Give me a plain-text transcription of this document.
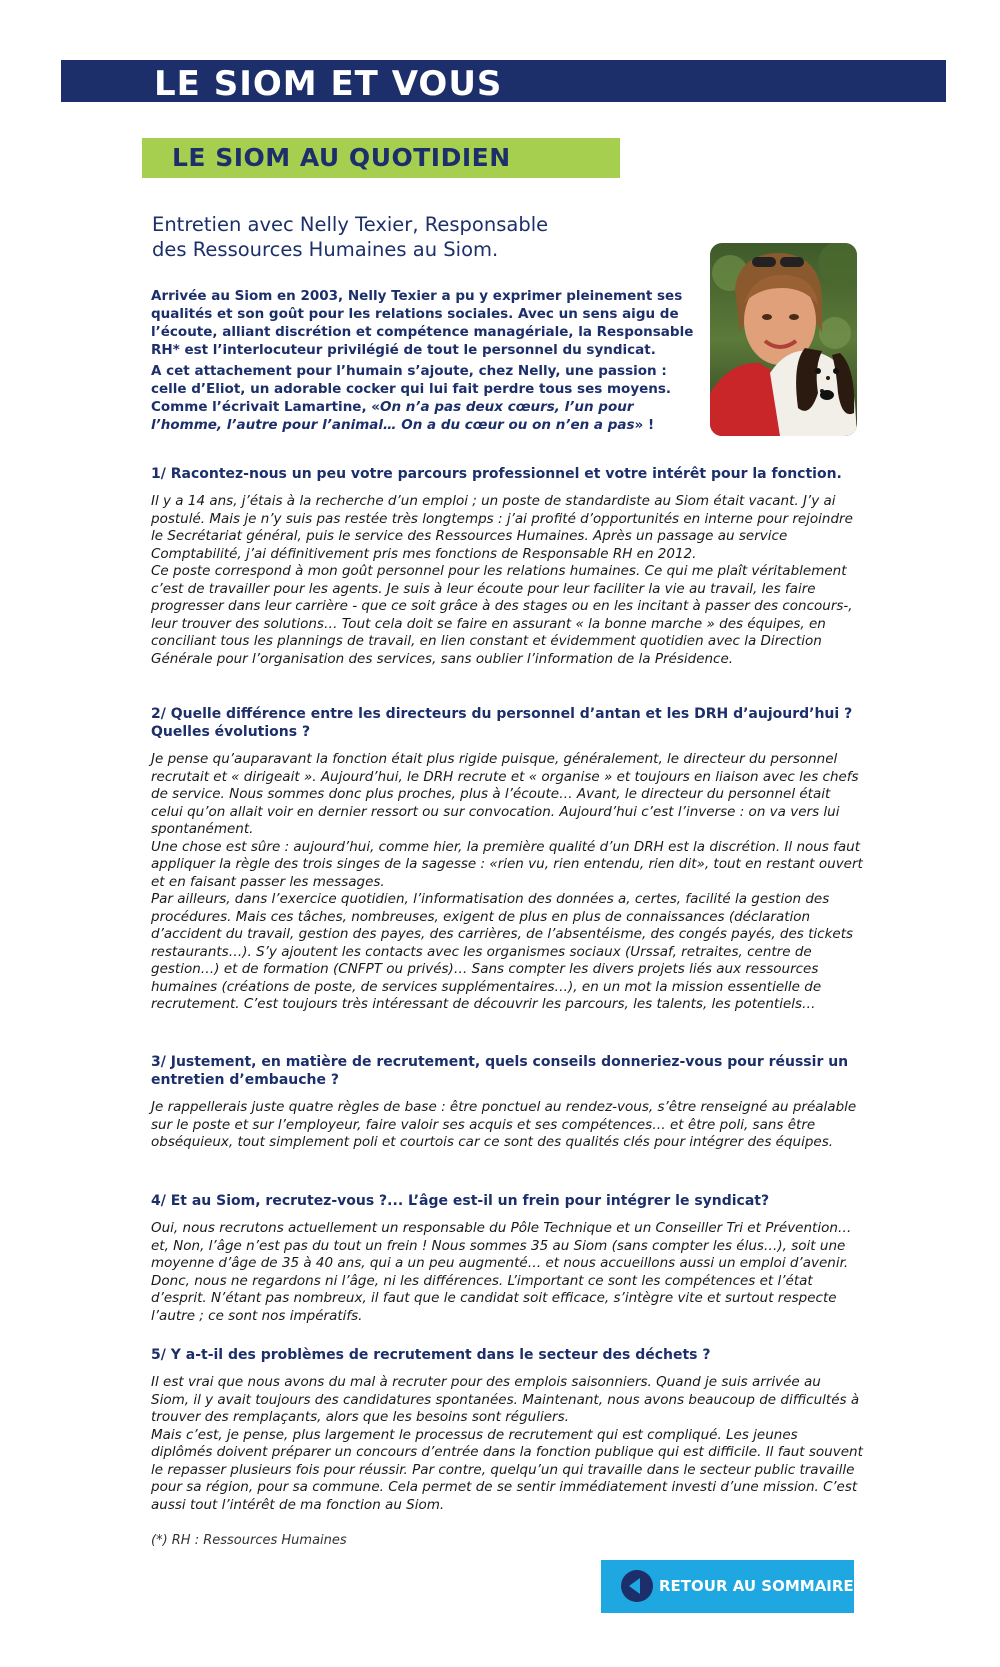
LE SIOM ET VOUS
LE SIOM AU QUOTIDIEN
Entretien avec Nelly Texier, Responsable
des Ressources Humaines au Siom.

Arrivée au Siom en 2003, Nelly Texier a pu y exprimer pleinement ses qualités et son goût pour les relations sociales. Avec un sens aigu de l’écoute, alliant discrétion et compétence managériale, la Responsable RH* est l’interlocuteur privilégié de tout le personnel du syndicat.

A cet attachement pour l’humain s’ajoute, chez Nelly, une passion : celle d’Eliot, un adorable cocker qui lui fait perdre tous ses moyens. Comme l’écrivait Lamartine, «On n’a pas deux cœurs, l’un pour l’homme, l’autre pour l’animal… On a du cœur ou on n’en a pas» !

1/ Racontez-nous un peu votre parcours professionnel et votre intérêt pour la fonction.

Il y a 14 ans, j’étais à la recherche d’un emploi ; un poste de standardiste au Siom était vacant. J’y ai postulé. Mais je n’y suis pas restée très longtemps : j’ai profité d’opportunités en interne pour rejoindre le Secrétariat général, puis le service des Ressources Humaines. Après un passage au service Comptabilité, j’ai définitivement pris mes fonctions de Responsable RH en 2012.
Ce poste correspond à mon goût personnel pour les relations humaines. Ce qui me plaît véritablement c’est de travailler pour les agents. Je suis à leur écoute pour leur faciliter la vie au travail, les faire progresser dans leur carrière - que ce soit grâce à des stages ou en les incitant à passer des concours-, leur trouver des solutions… Tout cela doit se faire en assurant « la bonne marche » des équipes, en conciliant tous les plannings de travail, en lien constant et évidemment quotidien avec la Direction Générale pour l’organisation des services, sans oublier l’information de la Présidence.

2/ Quelle différence entre les directeurs du personnel d’antan et les DRH d’aujourd’hui ? Quelles évolutions ?

Je pense qu’auparavant la fonction était plus rigide puisque, généralement, le directeur du personnel recrutait et « dirigeait ». Aujourd’hui, le DRH recrute et « organise » et toujours en liaison avec les chefs de service. Nous sommes donc plus proches, plus à l’écoute… Avant, le directeur du personnel était celui qu’on allait voir en dernier ressort ou sur convocation. Aujourd’hui c’est l’inverse : on va vers lui spontanément.
Une chose est sûre : aujourd’hui, comme hier, la première qualité d’un DRH est la discrétion. Il nous faut appliquer la règle des trois singes de la sagesse : «rien vu, rien entendu, rien dit», tout en restant ouvert et en faisant passer les messages.
Par ailleurs, dans l’exercice quotidien, l’informatisation des données a, certes, facilité la gestion des procédures. Mais ces tâches, nombreuses, exigent de plus en plus de connaissances (déclaration d’accident du travail, gestion des payes, des carrières, de l’absentéisme, des congés payés, des tickets restaurants…). S’y ajoutent les contacts avec les organismes sociaux (Urssaf, retraites, centre de gestion…) et de formation (CNFPT ou privés)… Sans compter les divers projets liés aux ressources humaines (créations de poste, de services supplémentaires…), en un mot la mission essentielle de recrutement. C’est toujours très intéressant de découvrir les parcours, les talents, les potentiels…

3/ Justement, en matière de recrutement, quels conseils donneriez-vous pour réussir un entretien d’embauche ?

Je rappellerais juste quatre règles de base : être ponctuel au rendez-vous, s’être renseigné au préalable sur le poste et sur l’employeur, faire valoir ses acquis et ses compétences… et être poli, sans être obséquieux, tout simplement poli et courtois car ce sont des qualités clés pour intégrer des équipes.

4/ Et au Siom, recrutez-vous ?... L’âge est-il un frein pour intégrer le syndicat?

Oui, nous recrutons actuellement un responsable du Pôle Technique et un Conseiller Tri et Prévention… et, Non, l’âge n’est pas du tout un frein ! Nous sommes 35 au Siom (sans compter les élus…), soit une moyenne d’âge de 35 à 40 ans, qui a un peu augmenté… et nous accueillons aussi un emploi d’avenir. Donc, nous ne regardons ni l’âge, ni les différences. L’important ce sont les compétences et l’état d’esprit. N’étant pas nombreux, il faut que le candidat soit efficace, s’intègre vite et surtout respecte l’autre ; ce sont nos impératifs.

5/ Y a-t-il des problèmes de recrutement dans le secteur des déchets ?

Il est vrai que nous avons du mal à recruter pour des emplois saisonniers. Quand je suis arrivée au Siom, il y avait toujours des candidatures spontanées. Maintenant, nous avons beaucoup de difficultés à trouver des remplaçants, alors que les besoins sont réguliers.
Mais c’est, je pense, plus largement le processus de recrutement qui est compliqué. Les jeunes diplômés doivent préparer un concours d’entrée dans la fonction publique qui est difficile. Il faut souvent le repasser plusieurs fois pour réussir. Par contre, quelqu’un qui travaille dans le secteur public travaille pour sa région, pour sa commune. Cela permet de se sentir immédiatement investi d’une mission. C’est aussi tout l’intérêt de ma fonction au Siom.

(*) RH : Ressources Humaines
RETOUR AU SOMMAIRE
